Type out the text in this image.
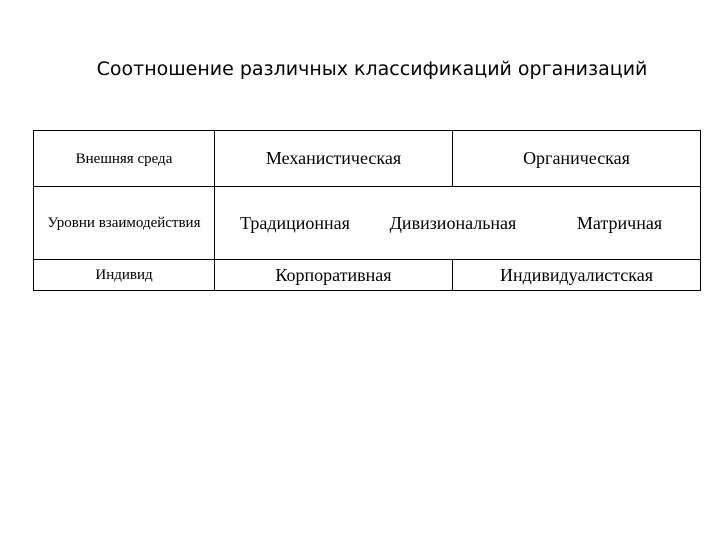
Соотношение различных классификаций организаций
Внешняя среда	Механистическая	Органическая
Уровни взаимодействия	Традиционная	Дивизиональная	Матричная
Индивид	Корпоративная	Индивидуалистская
